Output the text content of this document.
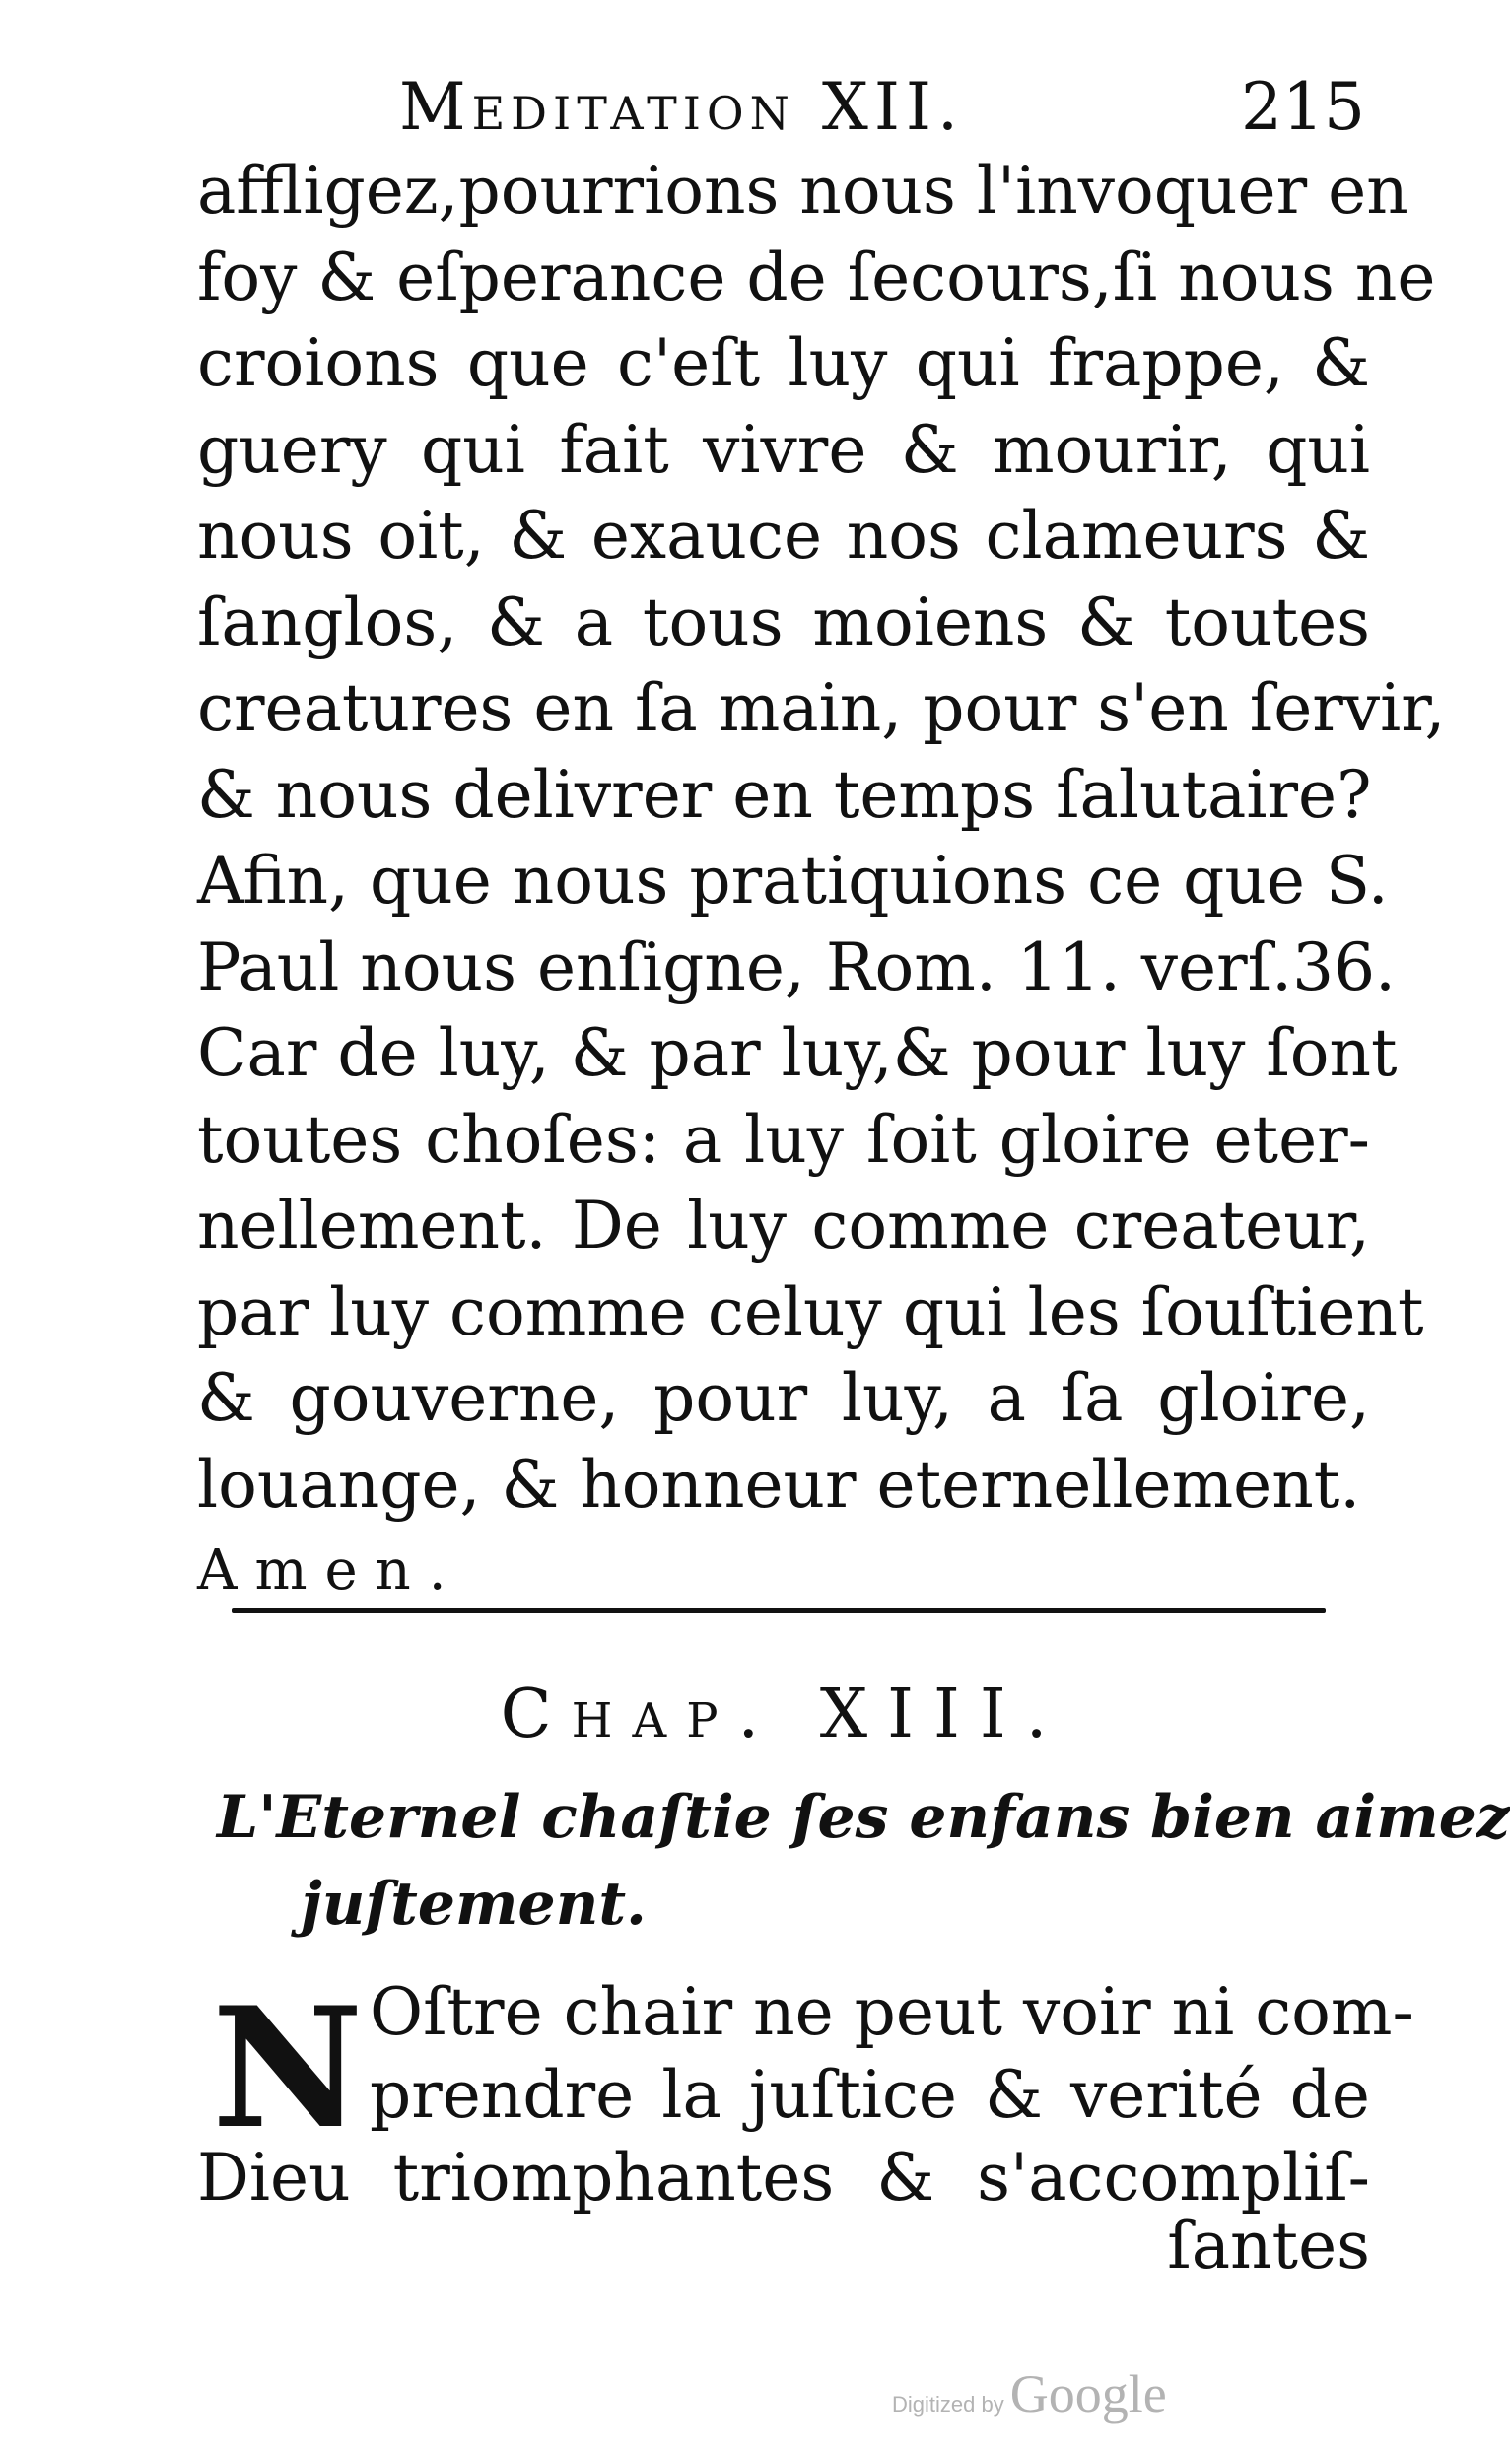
Meditation XII.	215
affligez,pourrions nous l'invoquer en
foy & eſperance de ſecours,ſi nous ne
croions que c'eſt luy qui frappe, &
guery qui fait vivre & mourir, qui
nous oit, & exauce nos clameurs &
ſanglos, & a tous moiens & toutes
creatures en ſa main, pour s'en ſervir,
& nous delivrer en temps ſalutaire?
Afin, que nous pratiquions ce que S.
Paul nous enſigne, Rom. 11. verſ.36.
Car de luy, & par luy,& pour luy ſont
toutes choſes: a luy ſoit gloire eter-
nellement. De luy comme createur,
par luy comme celuy qui les ſouſtient
& gouverne, pour luy, a ſa gloire,
louange, & honneur eternellement.
Amen.
Chap. XIII.
L'Eternel chaſtie ſes enfans bien aimez
juſtement.
N Oſtre chair ne peut voir ni com-
prendre la juſtice & verité de
Dieu triomphantes & s'accompliſ-
ſantes
Digitized by Google
